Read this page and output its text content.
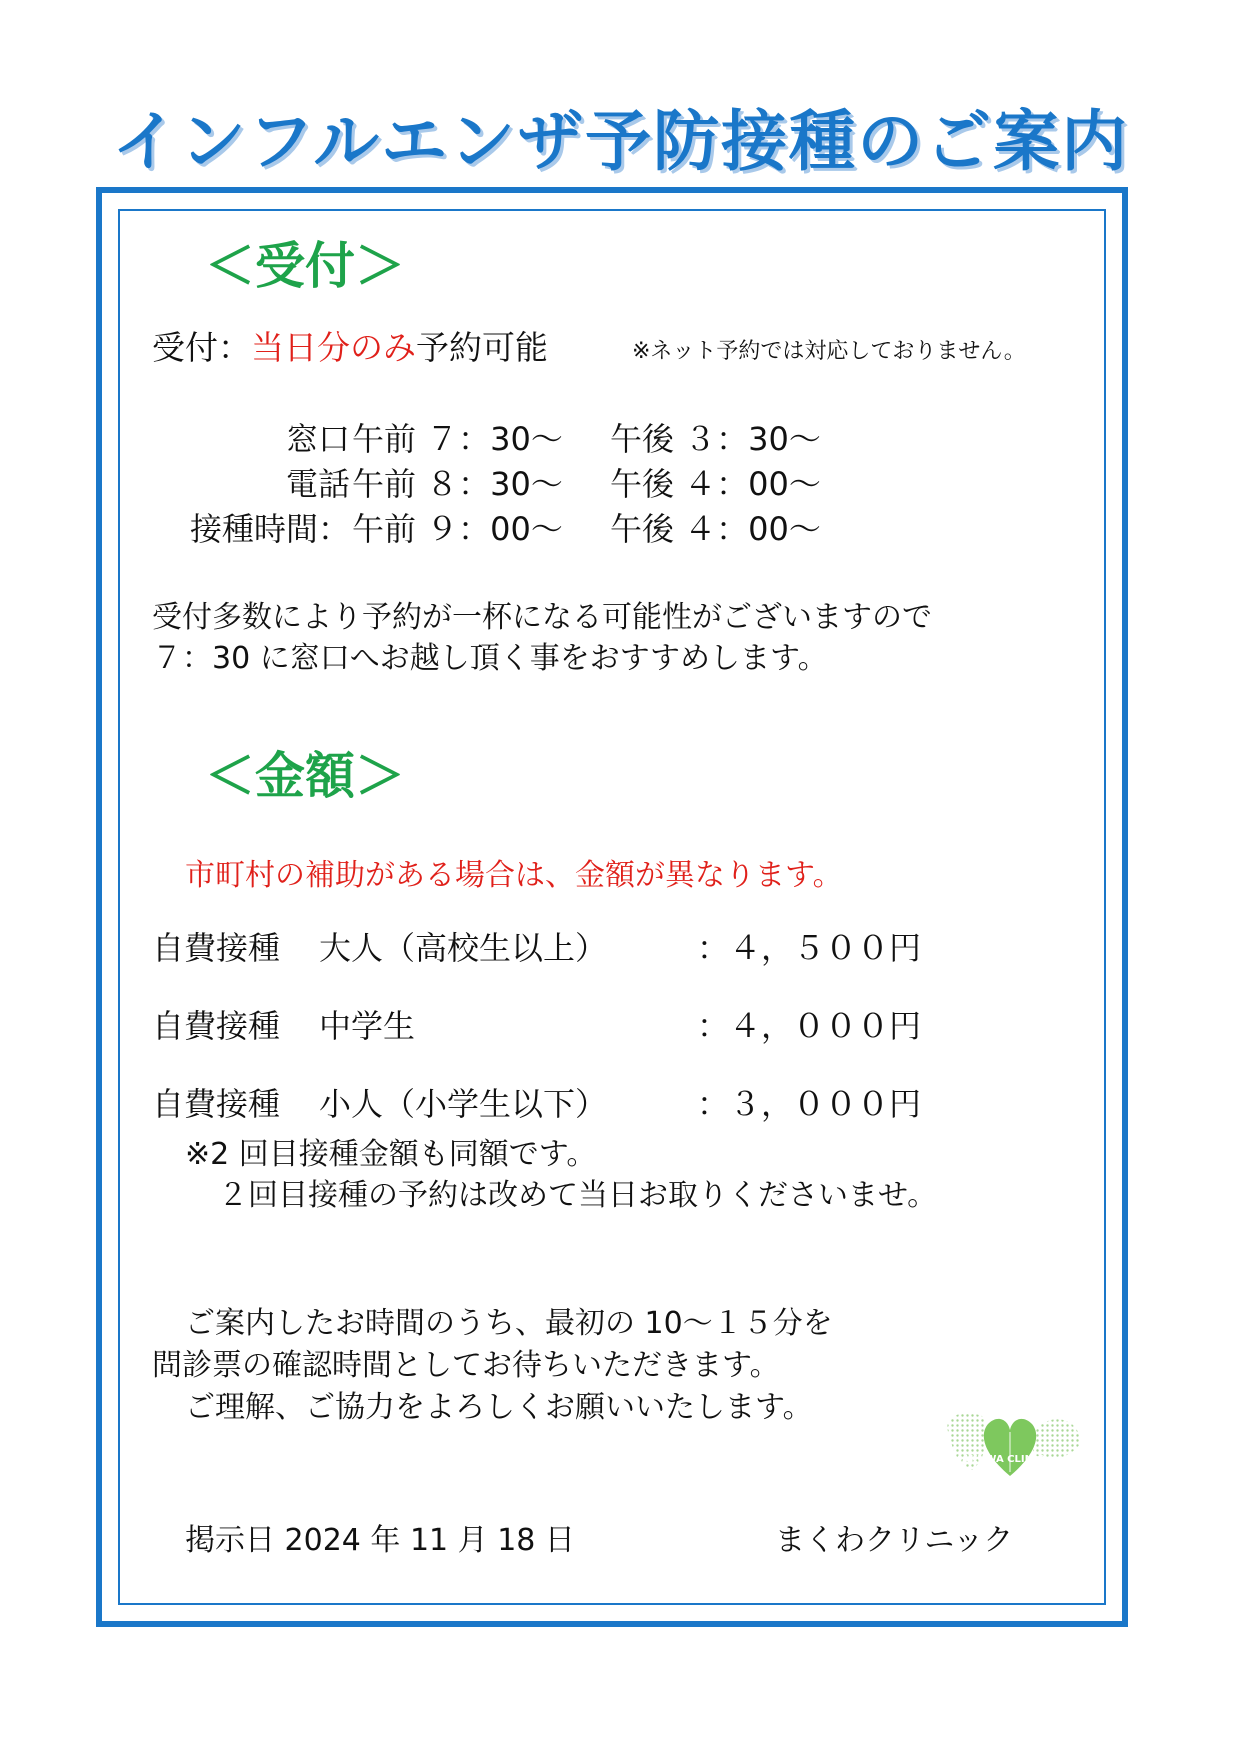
インフルエンザ予防接種のご案内
＜受付＞
受付：当日分のみ予約可能	※ネット予約では対応しておりません。
窓口 午前 ７：30～ 午後 ３：30～
電話 午前 ８：30～ 午後 ４：00～
接種時間： 午前 ９：00～ 午後 ４：00～
受付多数により予約が一杯になる可能性がございますので
７：30 に窓口へお越し頂く事をおすすめします。
＜金額＞
市町村の補助がある場合は、金額が異なります。
自費接種 大人（高校生以上）	：４，５００円
自費接種 中学生	：４，０００円
自費接種 小人（小学生以下）	：３，０００円
※2 回目接種金額も同額です。
２回目接種の予約は改めて当日お取りくださいませ。
ご案内したお時間のうち、最初の 10～１５分を
問診票の確認時間としてお待ちいただきます。
ご理解、ご協力をよろしくお願いいたします。
MAKUWA CLINIC
掲示日 2024 年 11 月 18 日	まくわクリニック
